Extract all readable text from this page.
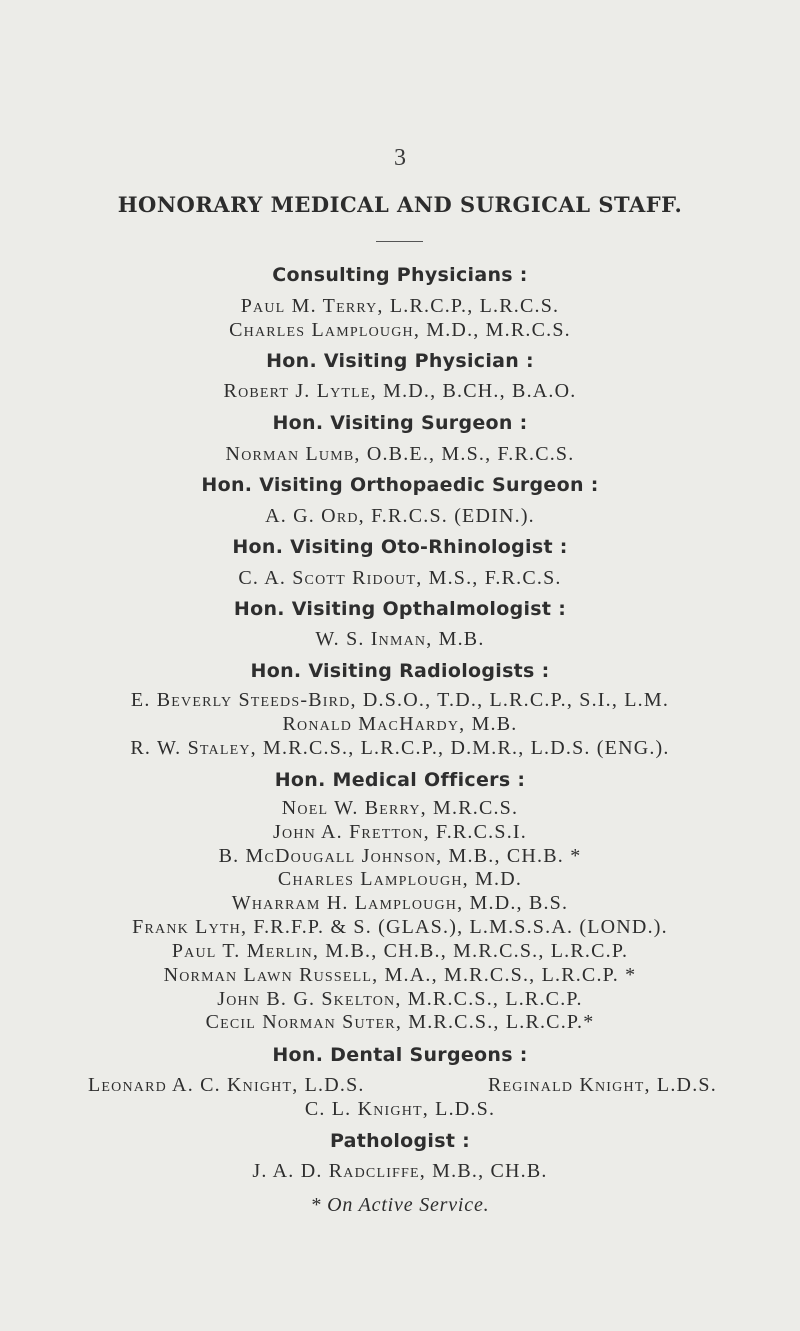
3
HONORARY MEDICAL AND SURGICAL STAFF.
Consulting Physicians :
Paul M. Terry, L.R.C.P., L.R.C.S.
Charles Lamplough, M.D., M.R.C.S.
Hon. Visiting Physician :
Robert J. Lytle, M.D., B.CH., B.A.O.
Hon. Visiting Surgeon :
Norman Lumb, O.B.E., M.S., F.R.C.S.
Hon. Visiting Orthopaedic Surgeon :
A. G. Ord, F.R.C.S. (EDIN.).
Hon. Visiting Oto-Rhinologist :
C. A. Scott Ridout, M.S., F.R.C.S.
Hon. Visiting Opthalmologist :
W. S. Inman, M.B.
Hon. Visiting Radiologists :
E. Beverly Steeds-Bird, D.S.O., T.D., L.R.C.P., S.I., L.M.
Ronald MacHardy, M.B.
R. W. Staley, M.R.C.S., L.R.C.P., D.M.R., L.D.S. (ENG.).
Hon. Medical Officers :
Noel W. Berry, M.R.C.S.
John A. Fretton, F.R.C.S.I.
B. McDougall Johnson, M.B., CH.B. *
Charles Lamplough, M.D.
Wharram H. Lamplough, M.D., B.S.
Frank Lyth, F.R.F.P. & S. (GLAS.), L.M.S.S.A. (LOND.).
Paul T. Merlin, M.B., CH.B., M.R.C.S., L.R.C.P.
Norman Lawn Russell, M.A., M.R.C.S., L.R.C.P. *
John B. G. Skelton, M.R.C.S., L.R.C.P.
Cecil Norman Suter, M.R.C.S., L.R.C.P.*
Hon. Dental Surgeons :
Leonard A. C. Knight, L.D.S.	Reginald Knight, L.D.S.
C. L. Knight, L.D.S.
Pathologist :
J. A. D. Radcliffe, M.B., CH.B.
* On Active Service.
